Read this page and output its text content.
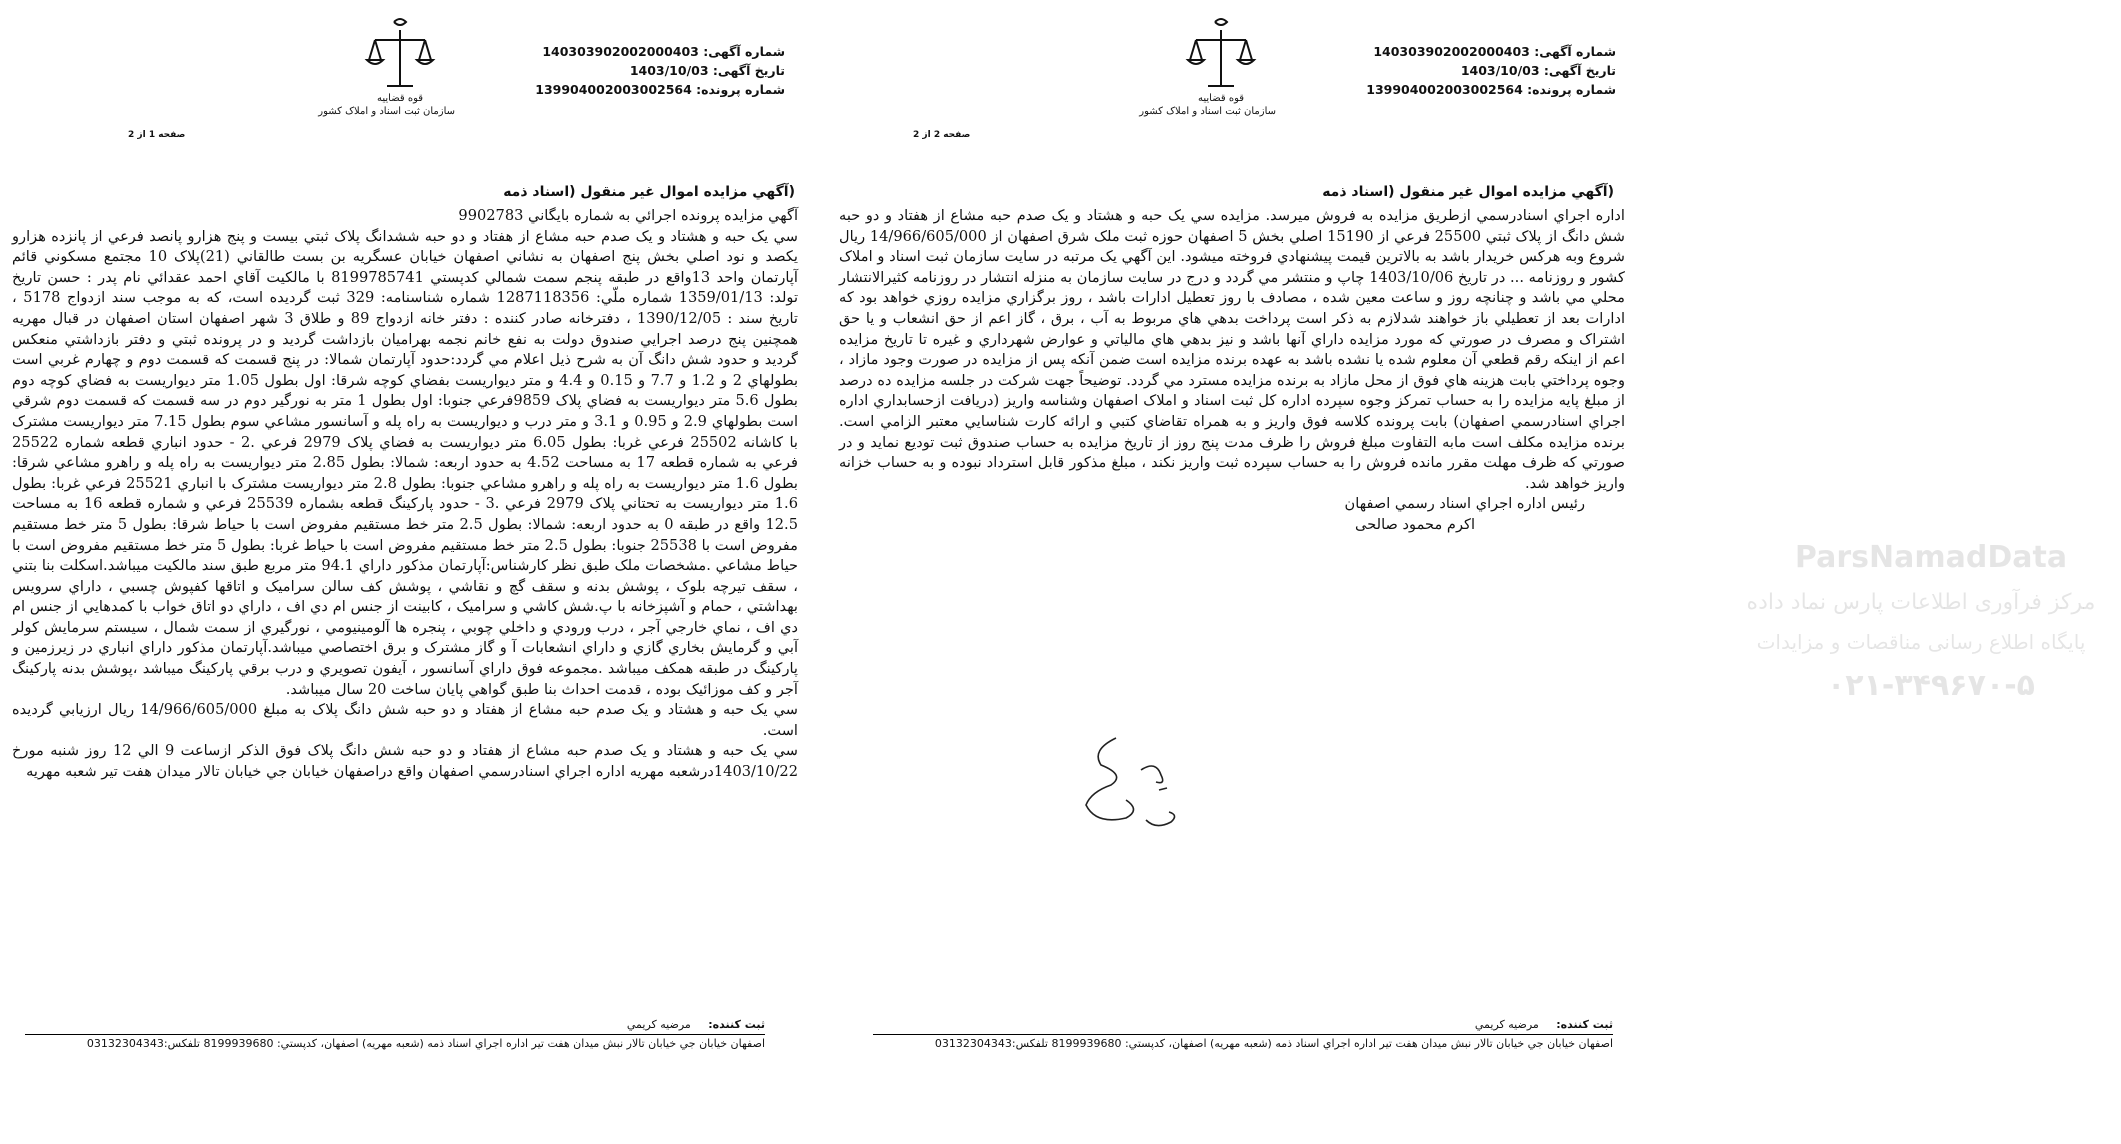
شماره آگهی: 140303902002000403
تاریخ آگهی: 1403/10/03
شماره پرونده: 139904002003002564
قوه قضاییه
سازمان ثبت اسناد و املاک کشور
صفحه 1 از 2
(آگهي مزايده اموال غير منقول (اسناد ذمه

آگهي مزايده پرونده اجرائي به شماره بايگاني 9902783

سي يک حبه و هشتاد و يک صدم حبه مشاع از هفتاد و دو حبه ششدانگ پلاک ثبتي بيست و پنج هزارو پانصد فرعي از پانزده هزارو يکصد و نود اصلي بخش پنج اصفهان به نشاني اصفهان خيابان عسگريه بن بست طالقاني (21)پلاک 10 مجتمع مسکوني قائم آپارتمان واحد 13واقع در طبقه پنجم سمت شمالي کدپستي 8199785741 با مالکيت آقاي احمد عقدائي نام پدر : حسن تاريخ تولد: 1359/01/13 شماره ملّي: 1287118356 شماره شناسنامه: 329 ثبت گرديده است، که به موجب سند ازدواج 5178 ، تاريخ سند : 1390/12/05 ، دفترخانه صادر کننده : دفتر خانه ازدواج 89 و طلاق 3 شهر اصفهان استان اصفهان در قبال مهريه همچنين پنج درصد اجرايي صندوق دولت به نفع خانم نجمه بهراميان بازداشت گرديد و در پرونده ثبتي و دفتر بازداشتي منعکس گرديد و حدود شش دانگ آن به شرح ذيل اعلام مي گردد:حدود آپارتمان شمالا: در پنج قسمت که قسمت دوم و چهارم غربي است بطولهاي 2 و 1.2 و 7.7 و 0.15 و 4.4 و متر ديواريست بفضاي کوچه شرقا: اول بطول 1.05 متر ديواريست به فضاي کوچه دوم بطول 5.6 متر ديواريست به فضاي پلاک 9859فرعي جنوبا: اول بطول 1 متر به نورگير دوم در سه قسمت که قسمت دوم شرقي است بطولهاي 2.9 و 0.95 و 3.1 و متر درب و ديواريست به راه پله و آسانسور مشاعي سوم بطول 7.15 متر ديواريست مشترک با کاشانه 25502 فرعي غربا: بطول 6.05 متر ديواريست به فضاي پلاک 2979 فرعي .2 - حدود انباري قطعه شماره 25522 فرعي به شماره قطعه 17 به مساحت 4.52 به حدود اربعه: شمالا: بطول 2.85 متر ديواريست به راه پله و راهرو مشاعي شرقا: بطول 1.6 متر ديواريست به راه پله و راهرو مشاعي جنوبا: بطول 2.8 متر ديواريست مشترک با انباري 25521 فرعي غربا: بطول 1.6 متر ديواريست به تحتاني پلاک 2979 فرعي .3 - حدود پارکينگ قطعه بشماره 25539 فرعي و شماره قطعه 16 به مساحت 12.5 واقع در طبقه 0 به حدود اربعه: شمالا: بطول 2.5 متر خط مستقيم مفروض است با حياط شرقا: بطول 5 متر خط مستقيم مفروض است با 25538 جنوبا: بطول 2.5 متر خط مستقيم مفروض است با حياط غربا: بطول 5 متر خط مستقيم مفروض است با حياط مشاعي .مشخصات ملک طبق نظر کارشناس:آپارتمان مذکور داراي 94.1 متر مربع طبق سند مالکيت ميباشد.اسکلت بنا بتني ، سقف تيرچه بلوک ، پوشش بدنه و سقف گچ و نقاشي ، پوشش کف سالن سراميک و اتاقها کفپوش چسبي ، داراي سرويس بهداشتي ، حمام و آشپزخانه با پ.شش کاشي و سراميک ، کابينت از جنس ام دي اف ، داراي دو اتاق خواب با کمدهايي از جنس ام دي اف ، نماي خارجي آجر ، درب ورودي و داخلي چوبي ، پنجره ها آلومينيومي ، نورگيري از سمت شمال ، سيستم سرمايش کولر آبي و گرمايش بخاري گازي و داراي انشعابات آ و گاز مشترک و برق اختصاصي ميباشد.آپارتمان مذکور داراي انباري در زيرزمين و پارکينگ در طبقه همکف ميباشد .مجموعه فوق داراي آسانسور ، آيفون تصويري و درب برقي پارکينگ ميباشد ،پوشش بدنه پارکينگ آجر و کف موزائيک بوده ، قدمت احداث بنا طبق گواهي پايان ساخت 20 سال ميباشد.

سي يک حبه و هشتاد و يک صدم حبه مشاع از هفتاد و دو حبه شش دانگ پلاک به مبلغ 14/966/605/000 ريال ارزيابي گرديده است.

سي يک حبه و هشتاد و يک صدم حبه مشاع از هفتاد و دو حبه شش دانگ پلاک فوق الذکر ازساعت 9 الي 12 روز شنبه مورخ 1403/10/22درشعبه مهريه اداره اجراي اسنادرسمي اصفهان واقع دراصفهان خيابان جي خيابان تالار ميدان هفت تير شعبه مهريه

ثبت کننده:     مرضيه کريمي
اصفهان خيابان جي خيابان تالار نبش ميدان هفت تير اداره اجراي اسناد ذمه (شعبه مهريه) اصفهان، کدپستي: 8199939680 تلفکس:03132304343
شماره آگهی: 140303902002000403
تاریخ آگهی: 1403/10/03
شماره پرونده: 139904002003002564
قوه قضاییه
سازمان ثبت اسناد و املاک کشور
صفحه 2 از 2
(آگهي مزايده اموال غير منقول (اسناد ذمه

اداره اجراي اسنادرسمي ازطريق مزايده به فروش ميرسد. مزايده سي يک حبه و هشتاد و يک صدم حبه مشاع از هفتاد و دو حبه شش دانگ از پلاک ثبتي 25500 فرعي از 15190 اصلي بخش 5 اصفهان حوزه ثبت ملک شرق اصفهان از 14/966/605/000 ريال شروع وبه هرکس خريدار باشد به بالاترين قيمت پيشنهادي فروخته ميشود. اين آگهي يک مرتبه در سايت سازمان ثبت اسناد و املاک کشور و روزنامه ... در تاريخ 1403/10/06 چاپ و منتشر مي گردد و درج در سايت سازمان به منزله انتشار در روزنامه کثيرالانتشار محلي مي باشد و چنانچه روز و ساعت معين شده ، مصادف با روز تعطيل ادارات باشد ، روز برگزاري مزايده روزي خواهد بود که ادارات بعد از تعطيلي باز خواهند شدلازم به ذکر است پرداخت بدهي هاي مربوط به آب ، برق ، گاز اعم از حق انشعاب و يا حق اشتراک و مصرف در صورتي که مورد مزايده داراي آنها باشد و نيز بدهي هاي مالياتي و عوارض شهرداري و غيره تا تاريخ مزايده اعم از اينکه رقم قطعي آن معلوم شده يا نشده باشد به عهده برنده مزايده است ضمن آنکه پس از مزايده در صورت وجود مازاد ، وجوه پرداختي بابت هزينه هاي فوق از محل مازاد به برنده مزايده مسترد مي گردد. توضيحاً جهت شرکت در جلسه مزايده ده درصد از مبلغ پايه مزايده را به حساب تمرکز وجوه سپرده اداره کل ثبت اسناد و املاک اصفهان وشناسه واريز (دريافت ازحسابداري اداره اجراي اسنادرسمي اصفهان) بابت پرونده کلاسه فوق واريز و به همراه تقاضاي کتبي و ارائه کارت شناسايي معتبر الزامي است. برنده مزايده مکلف است مابه التفاوت مبلغ فروش را ظرف مدت پنج روز از تاريخ مزايده به حساب صندوق ثبت توديع نمايد و در صورتي که ظرف مهلت مقرر مانده فروش را به حساب سپرده ثبت واريز نکند ، مبلغ مذکور قابل استرداد نبوده و به حساب خزانه واريز خواهد شد.

رئيس اداره اجراي اسناد رسمي اصفهان
اکرم محمود صالحی
ParsNamadData
مرکز فرآوری اطلاعات پارس نماد داده
پایگاه اطلاع رسانی مناقصات و مزایدات
۰۲۱-۳۴۹۶۷۰-۵
ثبت کننده:     مرضيه کريمي
اصفهان خيابان جي خيابان تالار نبش ميدان هفت تير اداره اجراي اسناد ذمه (شعبه مهريه) اصفهان، کدپستي: 8199939680 تلفکس:03132304343
